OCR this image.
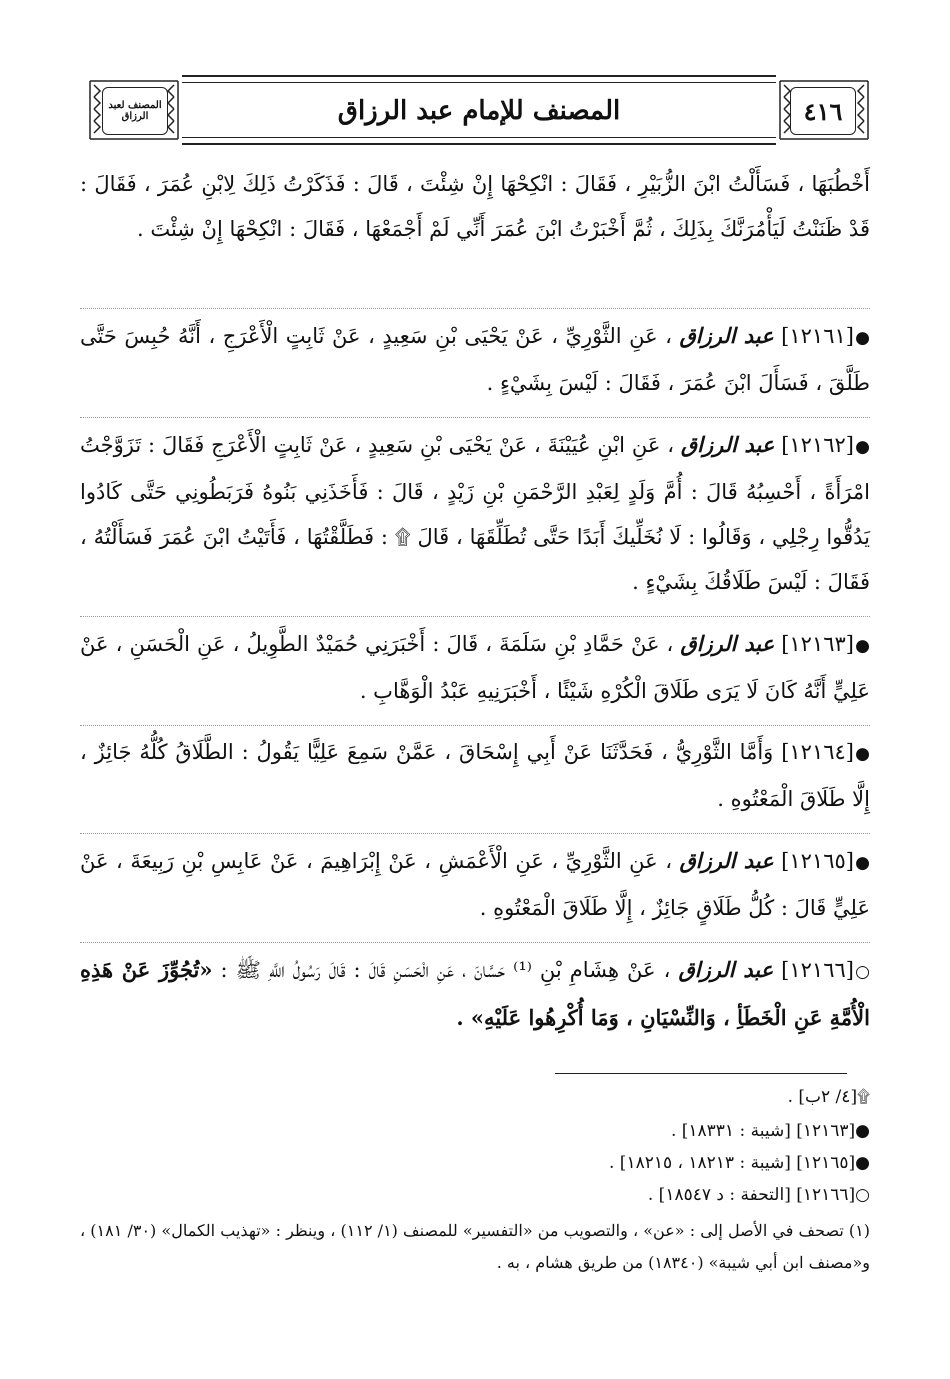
المصنف لعبد الرزاق	٤١٦
المصنف للإمام عبد الرزاق

أَخْطُبَهَا ، فَسَأَلْتُ ابْنَ الزُّبَيْرِ ، فَقَالَ : انْكِحْهَا إِنْ شِئْتَ ، قَالَ : فَذَكَرْتُ ذَلِكَ لِابْنِ عُمَرَ ، فَقَالَ : قَدْ ظَنَنْتُ لَيَأْمُرَنَّكَ بِذَلِكَ ، ثُمَّ أَخْبَرْتُ ابْنَ عُمَرَ أَنِّي لَمْ أَجْمَعْهَا ، فَقَالَ : انْكِحْهَا إِنْ شِئْتَ .

●[١٢١٦١] عبد الرزاق ، عَنِ الثَّوْرِيِّ ، عَنْ يَحْيَى بْنِ سَعِيدٍ ، عَنْ ثَابِتٍ الْأَعْرَجِ ، أَنَّهُ حُبِسَ حَتَّى طَلَّقَ ، فَسَأَلَ ابْنَ عُمَرَ ، فَقَالَ : لَيْسَ بِشَيْءٍ .

●[١٢١٦٢] عبد الرزاق ، عَنِ ابْنِ عُيَيْنَةَ ، عَنْ يَحْيَى بْنِ سَعِيدٍ ، عَنْ ثَابِتٍ الْأَعْرَجِ فَقَالَ : تَزَوَّجْتُ امْرَأَةً ، أَحْسِبُهُ قَالَ : أُمَّ وَلَدٍ لِعَبْدِ الرَّحْمَنِ بْنِ زَيْدٍ ، قَالَ : فَأَخَذَنِي بَنُوهُ فَرَبَطُونِي حَتَّى كَادُوا يَدُقُّوا رِجْلِي ، وَقَالُوا : لَا نُخَلِّيكَ أَبَدًا حَتَّى تُطَلِّقَهَا ، قَالَ ۩ : فَطَلَّقْتُهَا ، فَأَتَيْتُ ابْنَ عُمَرَ فَسَأَلْتُهُ ، فَقَالَ : لَيْسَ طَلَاقُكَ بِشَيْءٍ .

●[١٢١٦٣] عبد الرزاق ، عَنْ حَمَّادِ بْنِ سَلَمَةَ ، قَالَ : أَخْبَرَنِي حُمَيْدٌ الطَّوِيلُ ، عَنِ الْحَسَنِ ، عَنْ عَلِيٍّ أَنَّهُ كَانَ لَا يَرَى طَلَاقَ الْكُرْهِ شَيْئًا ، أَخْبَرَنِيهِ عَبْدُ الْوَهَّابِ .

●[١٢١٦٤] وَأَمَّا الثَّوْرِيُّ ، فَحَدَّثَنَا عَنْ أَبِي إِسْحَاقَ ، عَمَّنْ سَمِعَ عَلِيًّا يَقُولُ : الطَّلَاقُ كُلُّهُ جَائِزٌ ، إِلَّا طَلَاقَ الْمَعْتُوهِ .

●[١٢١٦٥] عبد الرزاق ، عَنِ الثَّوْرِيِّ ، عَنِ الْأَعْمَشِ ، عَنْ إِبْرَاهِيمَ ، عَنْ عَابِسِ بْنِ رَبِيعَةَ ، عَنْ عَلِيٍّ قَالَ : كُلُّ طَلَاقٍ جَائِزٌ ، إِلَّا طَلَاقَ الْمَعْتُوهِ .

○[١٢١٦٦] عبد الرزاق ، عَنْ هِشَامِ بْنِ ⁽¹⁾ حَسَّانَ ، عَنِ الْحَسَنِ قَالَ : قَالَ رَسُولُ اللَّهِ ﷺ : «تُجُوِّزَ عَنْ هَذِهِ الْأُمَّةِ عَنِ الْخَطَأِ ، وَالنِّسْيَانِ ، وَمَا أُكْرِهُوا عَلَيْهِ» .

۩[٤/ ٢ب] .

●[١٢١٦٣] [شيبة : ١٨٣٣١] .

●[١٢١٦٥] [شيبة : ١٨٢١٣ ، ١٨٢١٥] .

○[١٢١٦٦] [التحفة : د ١٨٥٤٧] .

(١) تصحف في الأصل إلى : «عن» ، والتصويب من «التفسير» للمصنف (١/ ١١٢) ، وينظر : «تهذيب الكمال» (٣٠/ ١٨١) ، و«مصنف ابن أبي شيبة» (١٨٣٤٠) من طريق هشام ، به .
